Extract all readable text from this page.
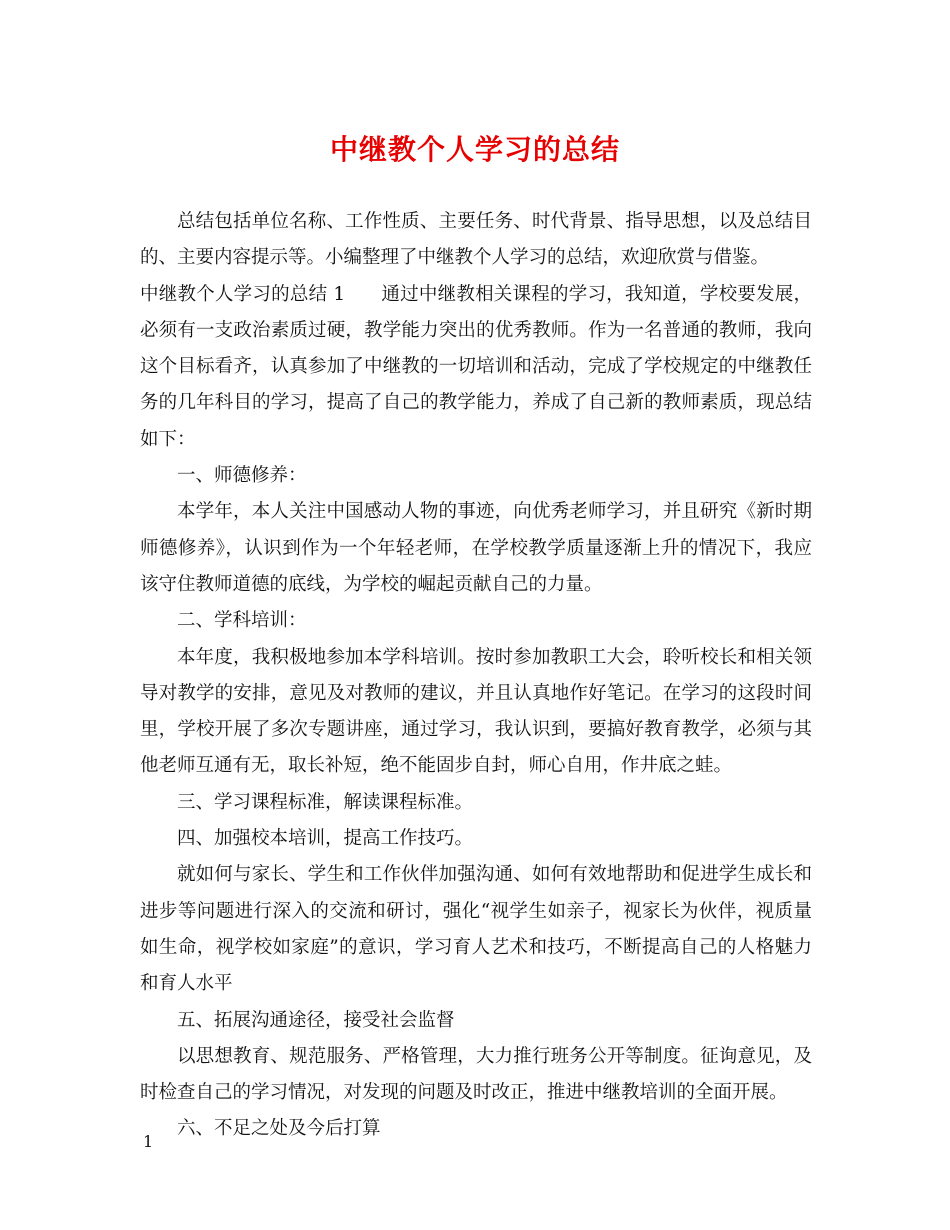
中继教个人学习的总结

总结包括单位名称、工作性质、主要任务、时代背景、指导思想，以及总结目的、主要内容提示等。小编整理了中继教个人学习的总结，欢迎欣赏与借鉴。

中继教个人学习的总结 1 通过中继教相关课程的学习，我知道，学校要发展，必须有一支政治素质过硬，教学能力突出的优秀教师。作为一名普通的教师，我向这个目标看齐，认真参加了中继教的一切培训和活动，完成了学校规定的中继教任务的几年科目的学习，提高了自己的教学能力，养成了自己新的教师素质，现总结如下：

一、师德修养：

本学年，本人关注中国感动人物的事迹，向优秀老师学习，并且研究《新时期师德修养》，认识到作为一个年轻老师，在学校教学质量逐渐上升的情况下，我应该守住教师道德的底线，为学校的崛起贡献自己的力量。

二、学科培训：

本年度，我积极地参加本学科培训。按时参加教职工大会，聆听校长和相关领导对教学的安排，意见及对教师的建议，并且认真地作好笔记。在学习的这段时间里，学校开展了多次专题讲座，通过学习，我认识到，要搞好教育教学，必须与其他老师互通有无，取长补短，绝不能固步自封，师心自用，作井底之蛙。

三、学习课程标准，解读课程标准。

四、加强校本培训，提高工作技巧。

就如何与家长、学生和工作伙伴加强沟通、如何有效地帮助和促进学生成长和进步等问题进行深入的交流和研讨，强化“视学生如亲子，视家长为伙伴，视质量如生命，视学校如家庭”的意识，学习育人艺术和技巧，不断提高自己的人格魅力和育人水平

五、拓展沟通途径，接受社会监督

以思想教育、规范服务、严格管理，大力推行班务公开等制度。征询意见，及时检查自己的学习情况，对发现的问题及时改正，推进中继教培训的全面开展。

六、不足之处及今后打算

1
